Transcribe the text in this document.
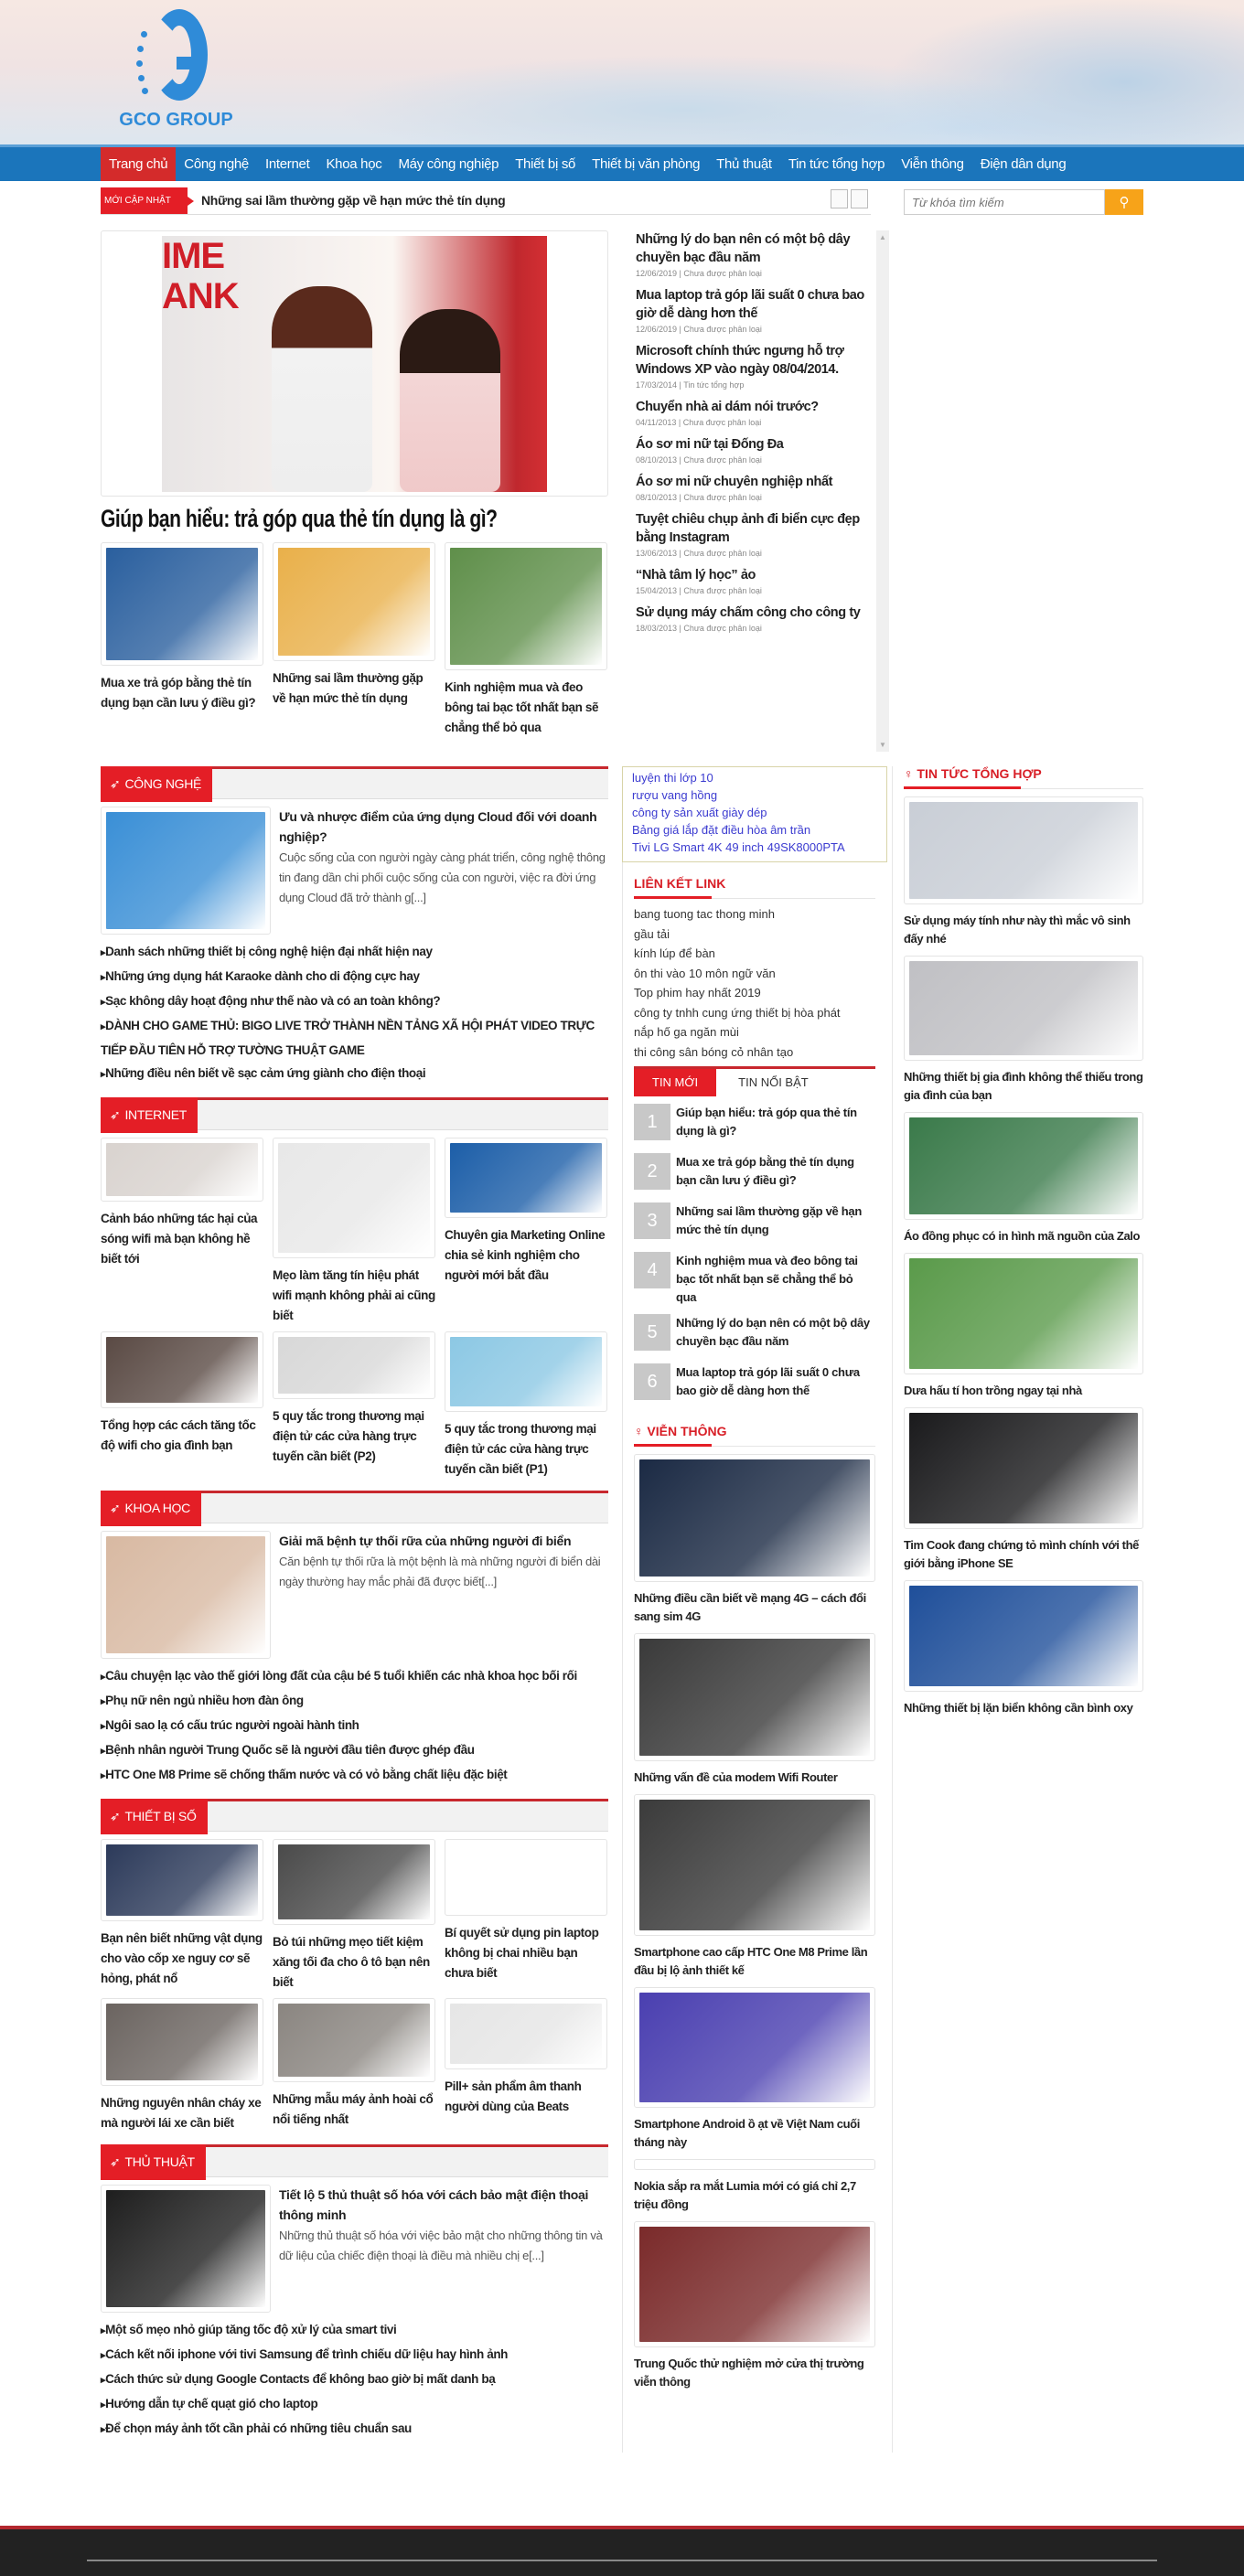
GCO GROUP
Trang chủ	Công nghệ	Internet	Khoa học	Máy công nghiệp	Thiết bị số	Thiết bị văn phòng	Thủ thuật	Tin tức tổng hợp	Viễn thông	Điện dân dụng
MỚI CẬP NHẬT	Những sai lầm thường gặp về hạn mức thẻ tín dụng
Từ khóa tìm kiếm	⚲
IME
ANK
Giúp bạn hiểu: trả góp qua thẻ tín dụng là gì?
Mua xe trả góp bằng thẻ tín dụng bạn cần lưu ý điều gì?
Những sai lầm thường gặp về hạn mức thẻ tín dụng
Kinh nghiệm mua và đeo bông tai bạc tốt nhất bạn sẽ chẳng thể bỏ qua
Những lý do bạn nên có một bộ dây chuyền bạc đầu năm
12/06/2019 | Chưa được phân loại
Mua laptop trả góp lãi suất 0 chưa bao giờ dễ dàng hơn thế
12/06/2019 | Chưa được phân loại
Microsoft chính thức ngưng hỗ trợ Windows XP vào ngày 08/04/2014.
17/03/2014 | Tin tức tổng hợp
Chuyển nhà ai dám nói trước?
04/11/2013 | Chưa được phân loại
Áo sơ mi nữ tại Đống Đa
08/10/2013 | Chưa được phân loại
Áo sơ mi nữ chuyên nghiệp nhất
08/10/2013 | Chưa được phân loại
Tuyệt chiêu chụp ảnh đi biển cực đẹp bằng Instagram
13/06/2013 | Chưa được phân loại
“Nhà tâm lý học” ảo
15/04/2013 | Chưa được phân loại
Sử dụng máy chấm công cho công ty
18/03/2013 | Chưa được phân loại
▲
▼
➶ CÔNG NGHỆ
Ưu và nhược điểm của ứng dụng Cloud đối với doanh nghiệp?
Cuộc sống của con người ngày càng phát triển, công nghệ thông tin đang dần chi phối cuộc sống của con người, việc ra đời ứng dụng Cloud đã trở thành g[...]
▸ Danh sách những thiết bị công nghệ hiện đại nhất hiện nay
▸ Những ứng dụng hát Karaoke dành cho di động cực hay
▸ Sạc không dây hoạt động như thế nào và có an toàn không?
▸ DÀNH CHO GAME THỦ: BIGO LIVE TRỞ THÀNH NỀN TẢNG XÃ HỘI PHÁT VIDEO TRỰC TIẾP ĐẦU TIÊN HỖ TRỢ TƯỜNG THUẬT GAME
▸ Những điều nên biết về sạc cảm ứng giành cho điện thoại
➶ INTERNET
Cảnh báo những tác hại của sóng wifi mà bạn không hề biết tới
Mẹo làm tăng tín hiệu phát wifi mạnh không phải ai cũng biết
Chuyên gia Marketing Online chia sẻ kinh nghiệm cho người mới bắt đầu
Tổng hợp các cách tăng tốc độ wifi cho gia đình bạn
5 quy tắc trong thương mại điện tử các cửa hàng trực tuyến cần biết (P2)
5 quy tắc trong thương mại điện tử các cửa hàng trực tuyến cần biết (P1)
➶ KHOA HỌC
Giải mã bệnh tự thối rữa của những người đi biển
Căn bệnh tự thối rữa là một bệnh là mà những người đi biển dài ngày thường hay mắc phải đã được biết[...]
▸ Câu chuyện lạc vào thế giới lòng đất của cậu bé 5 tuổi khiến các nhà khoa học bối rối
▸ Phụ nữ nên ngủ nhiều hơn đàn ông
▸ Ngôi sao lạ có cấu trúc người ngoài hành tinh
▸ Bệnh nhân người Trung Quốc sẽ là người đầu tiên được ghép đầu
▸ HTC One M8 Prime sẽ chống thấm nước và có vỏ bằng chất liệu đặc biệt
➶ THIẾT BỊ SỐ
Bạn nên biết những vật dụng cho vào cốp xe nguy cơ sẽ hỏng, phát nổ
Bỏ túi những mẹo tiết kiệm xăng tối đa cho ô tô bạn nên biết
Bí quyết sử dụng pin laptop không bị chai nhiều bạn chưa biết
Những nguyên nhân cháy xe mà người lái xe cần biết
Những mẫu máy ảnh hoài cổ nổi tiếng nhất
Pill+ sản phẩm âm thanh người dùng của Beats
➶ THỦ THUẬT
Tiết lộ 5 thủ thuật số hóa với cách bảo mật điện thoại thông minh
Những thủ thuật số hóa với việc bảo mật cho những thông tin và dữ liệu của chiếc điện thoại là điều mà nhiều chị e[...]
▸ Một số mẹo nhỏ giúp tăng tốc độ xử lý của smart tivi
▸ Cách kết nối iphone với tivi Samsung để trình chiếu dữ liệu hay hình ảnh
▸ Cách thức sử dụng Google Contacts để không bao giờ bị mất danh bạ
▸ Hướng dẫn tự chế quạt gió cho laptop
▸ Để chọn máy ảnh tốt cần phải có những tiêu chuẩn sau
luyện thi lớp 10
rượu vang hồng
công ty sản xuất giày dép
Bảng giá lắp đặt điều hòa âm trần
Tivi LG Smart 4K 49 inch 49SK8000PTA
LIÊN KẾT LINK
bang tuong tac thong minh
gầu tải
kính lúp để bàn
ôn thi vào 10 môn ngữ văn
Top phim hay nhất 2019
công ty tnhh cung ứng thiết bị hòa phát
nắp hố ga ngăn mùi
thi công sân bóng cỏ nhân tạo
TIN MỚI	TIN NỔI BẬT
1	Giúp bạn hiểu: trả góp qua thẻ tín dụng là gì?
2	Mua xe trả góp bằng thẻ tín dụng bạn cần lưu ý điều gì?
3	Những sai lầm thường gặp về hạn mức thẻ tín dụng
4	Kinh nghiệm mua và đeo bông tai bạc tốt nhất bạn sẽ chẳng thể bỏ qua
5	Những lý do bạn nên có một bộ dây chuyền bạc đầu năm
6	Mua laptop trả góp lãi suất 0 chưa bao giờ dễ dàng hơn thế
♀ VIỄN THÔNG
Những điều cần biết về mạng 4G – cách đổi sang sim 4G
Những vấn đề của modem Wifi Router
Smartphone cao cấp HTC One M8 Prime lần đầu bị lộ ảnh thiết kế
Smartphone Android ồ ạt về Việt Nam cuối tháng này
Nokia sắp ra mắt Lumia mới có giá chỉ 2,7 triệu đồng
Trung Quốc thử nghiệm mở cửa thị trường viễn thông
♀ TIN TỨC TỔNG HỢP
Sử dụng máy tính như này thì mắc vô sinh đấy nhé
Những thiết bị gia đình không thể thiếu trong gia đình của bạn
Áo đồng phục có in hình mã nguồn của Zalo
Dưa hấu tí hon trồng ngay tại nhà
Tim Cook đang chứng tỏ mình chính với thế giới bằng iPhone SE
Những thiết bị lặn biển không cần bình oxy
